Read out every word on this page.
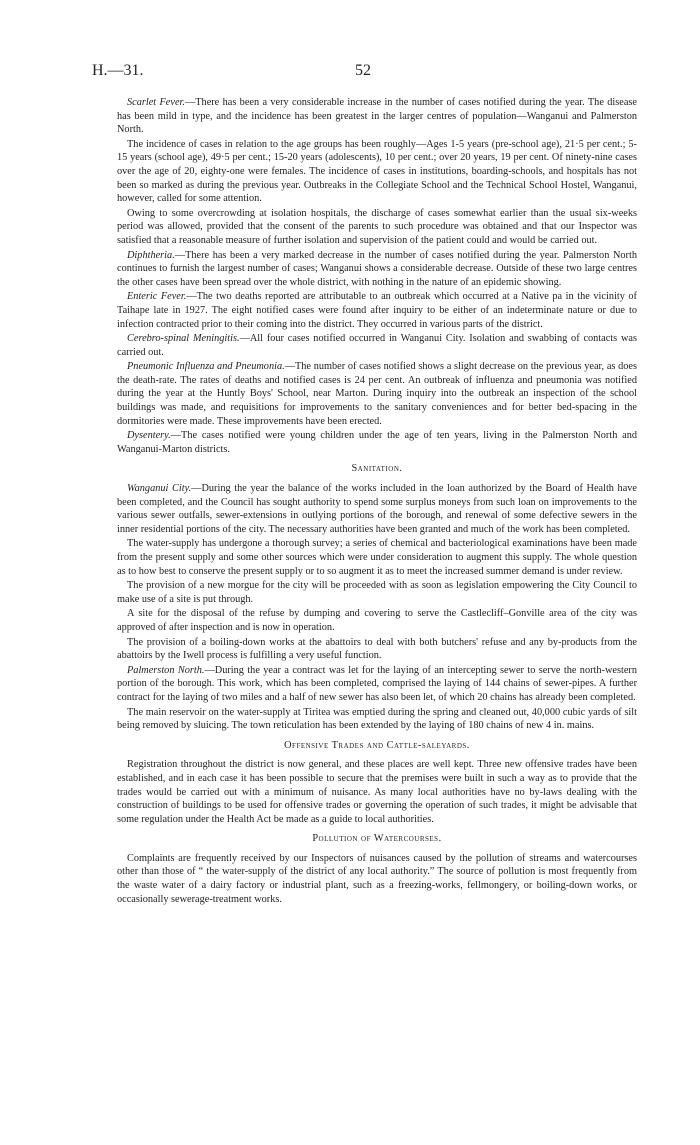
H.—31.	52

Scarlet Fever.—There has been a very considerable increase in the number of cases notified during the year. The disease has been mild in type, and the incidence has been greatest in the larger centres of population—Wanganui and Palmerston North.

The incidence of cases in relation to the age groups has been roughly—Ages 1-5 years (pre-school age), 21·5 per cent.; 5-15 years (school age), 49·5 per cent.; 15-20 years (adolescents), 10 per cent.; over 20 years, 19 per cent. Of ninety-nine cases over the age of 20, eighty-one were females. The incidence of cases in institutions, boarding-schools, and hospitals has not been so marked as during the previous year. Outbreaks in the Collegiate School and the Technical School Hostel, Wanganui, however, called for some attention.

Owing to some overcrowding at isolation hospitals, the discharge of cases somewhat earlier than the usual six-weeks period was allowed, provided that the consent of the parents to such procedure was obtained and that our Inspector was satisfied that a reasonable measure of further isolation and supervision of the patient could and would be carried out.

Diphtheria.—There has been a very marked decrease in the number of cases notified during the year. Palmerston North continues to furnish the largest number of cases; Wanganui shows a considerable decrease. Outside of these two large centres the other cases have been spread over the whole district, with nothing in the nature of an epidemic showing.

Enteric Fever.—The two deaths reported are attributable to an outbreak which occurred at a Native pa in the vicinity of Taihape late in 1927. The eight notified cases were found after inquiry to be either of an indeterminate nature or due to infection contracted prior to their coming into the district. They occurred in various parts of the district.

Cerebro-spinal Meningitis.—All four cases notified occurred in Wanganui City. Isolation and swabbing of contacts was carried out.

Pneumonic Influenza and Pneumonia.—The number of cases notified shows a slight decrease on the previous year, as does the death-rate. The rates of deaths and notified cases is 24 per cent. An outbreak of influenza and pneumonia was notified during the year at the Huntly Boys' School, near Marton. During inquiry into the outbreak an inspection of the school buildings was made, and requisitions for improvements to the sanitary conveniences and for better bed-spacing in the dormitories were made. These improvements have been erected.

Dysentery.—The cases notified were young children under the age of ten years, living in the Palmerston North and Wanganui-Marton districts.

Sanitation.

Wanganui City.—During the year the balance of the works included in the loan authorized by the Board of Health have been completed, and the Council has sought authority to spend some surplus moneys from such loan on improvements to the various sewer outfalls, sewer-extensions in outlying portions of the borough, and renewal of some defective sewers in the inner residential portions of the city. The necessary authorities have been granted and much of the work has been completed.

The water-supply has undergone a thorough survey; a series of chemical and bacteriological examinations have been made from the present supply and some other sources which were under consideration to augment this supply. The whole question as to how best to conserve the present supply or to so augment it as to meet the increased summer demand is under review.

The provision of a new morgue for the city will be proceeded with as soon as legislation empowering the City Council to make use of a site is put through.

A site for the disposal of the refuse by dumping and covering to serve the Castlecliff–Gonville area of the city was approved of after inspection and is now in operation.

The provision of a boiling-down works at the abattoirs to deal with both butchers' refuse and any by-products from the abattoirs by the Iwell process is fulfilling a very useful function.

Palmerston North.—During the year a contract was let for the laying of an intercepting sewer to serve the north-western portion of the borough. This work, which has been completed, comprised the laying of 144 chains of sewer-pipes. A further contract for the laying of two miles and a half of new sewer has also been let, of which 20 chains has already been completed.

The main reservoir on the water-supply at Tiritea was emptied during the spring and cleaned out, 40,000 cubic yards of silt being removed by sluicing. The town reticulation has been extended by the laying of 180 chains of new 4 in. mains.

Offensive Trades and Cattle-saleyards.

Registration throughout the district is now general, and these places are well kept. Three new offensive trades have been established, and in each case it has been possible to secure that the premises were built in such a way as to provide that the trades would be carried out with a minimum of nuisance. As many local authorities have no by-laws dealing with the construction of buildings to be used for offensive trades or governing the operation of such trades, it might be advisable that some regulation under the Health Act be made as a guide to local authorities.

Pollution of Watercourses.

Complaints are frequently received by our Inspectors of nuisances caused by the pollution of streams and watercourses other than those of “ the water-supply of the district of any local authority.” The source of pollution is most frequently from the waste water of a dairy factory or industrial plant, such as a freezing-works, fellmongery, or boiling-down works, or occasionally sewerage-treatment works.
